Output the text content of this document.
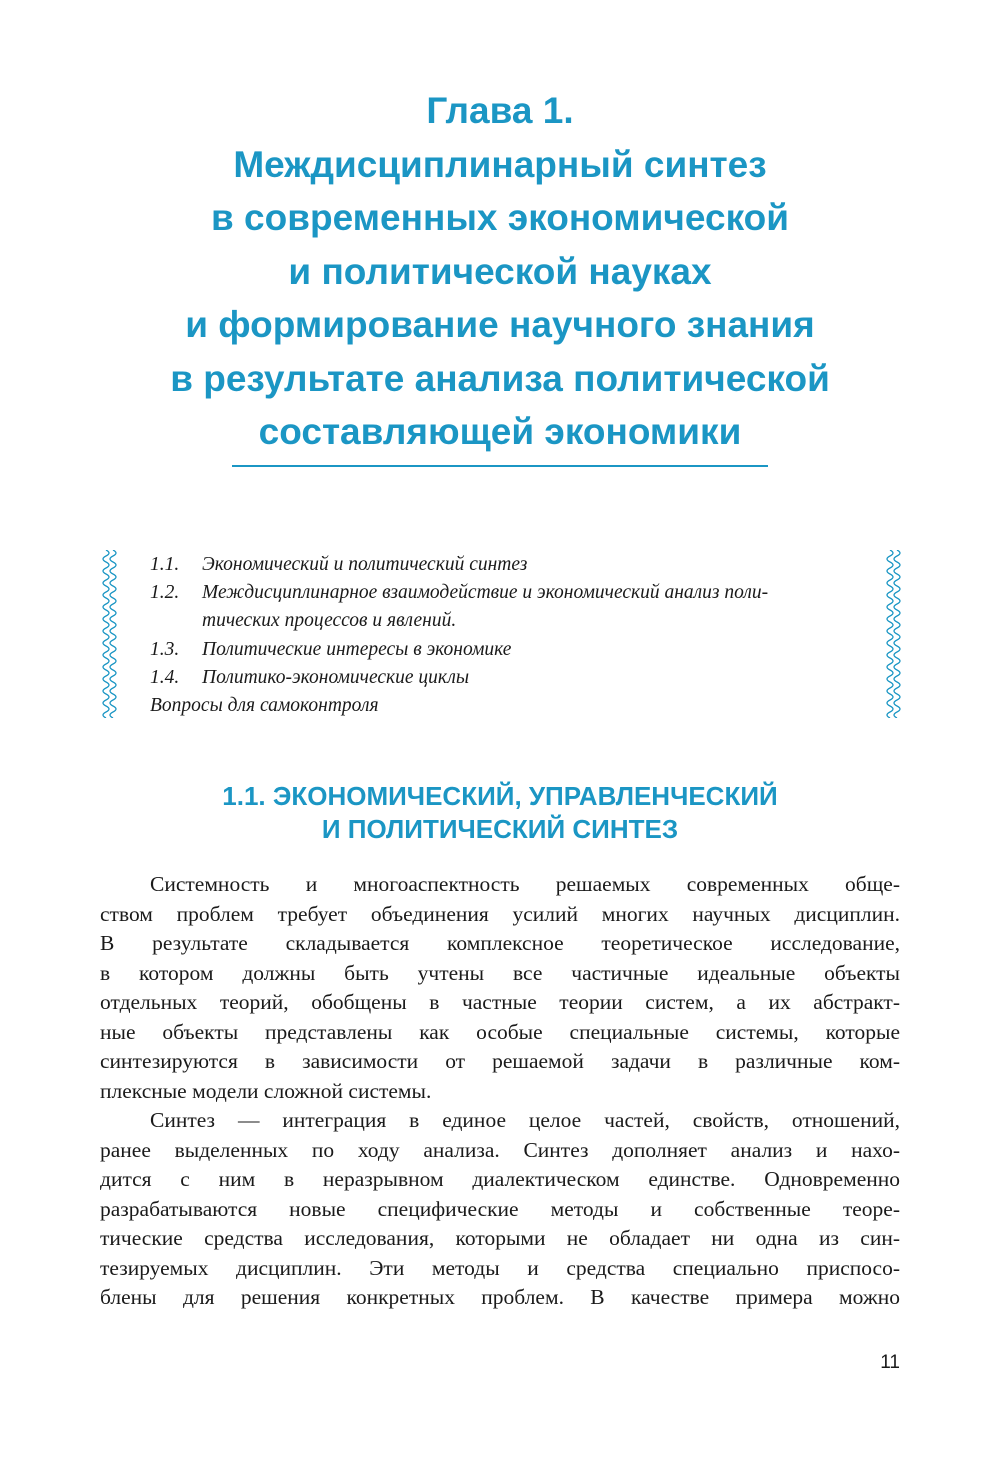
Глава 1.
Междисциплинарный синтез
в современных экономической
и политической науках
и формирование научного знания
в результате анализа политической
составляющей экономики
1.1. Экономический и политический синтез
1.2. Междисциплинарное взаимодействие и экономический анализ поли-
тических процессов и явлений.
1.3. Политические интересы в экономике
1.4. Политико-экономические циклы
Вопросы для самоконтроля
1.1. ЭКОНОМИЧЕСКИЙ, УПРАВЛЕНЧЕСКИЙ
И ПОЛИТИЧЕСКИЙ СИНТЕЗ
Системность и многоаспектность решаемых современных обще-
ством проблем требует объединения усилий многих научных дисциплин.
В результате складывается комплексное теоретическое исследование,
в котором должны быть учтены все частичные идеальные объекты
отдельных теорий, обобщены в частные теории систем, а их абстракт-
ные объекты представлены как особые специальные системы, которые
синтезируются в зависимости от решаемой задачи в различные ком-
плексные модели сложной системы.
Синтез — интеграция в единое целое частей, свойств, отношений,
ранее выделенных по ходу анализа. Синтез дополняет анализ и нахо-
дится с ним в неразрывном диалектическом единстве. Одновременно
разрабатываются новые специфические методы и собственные теоре-
тические средства исследования, которыми не обладает ни одна из син-
тезируемых дисциплин. Эти методы и средства специально приспосо-
блены для решения конкретных проблем. В качестве примера можно
11
